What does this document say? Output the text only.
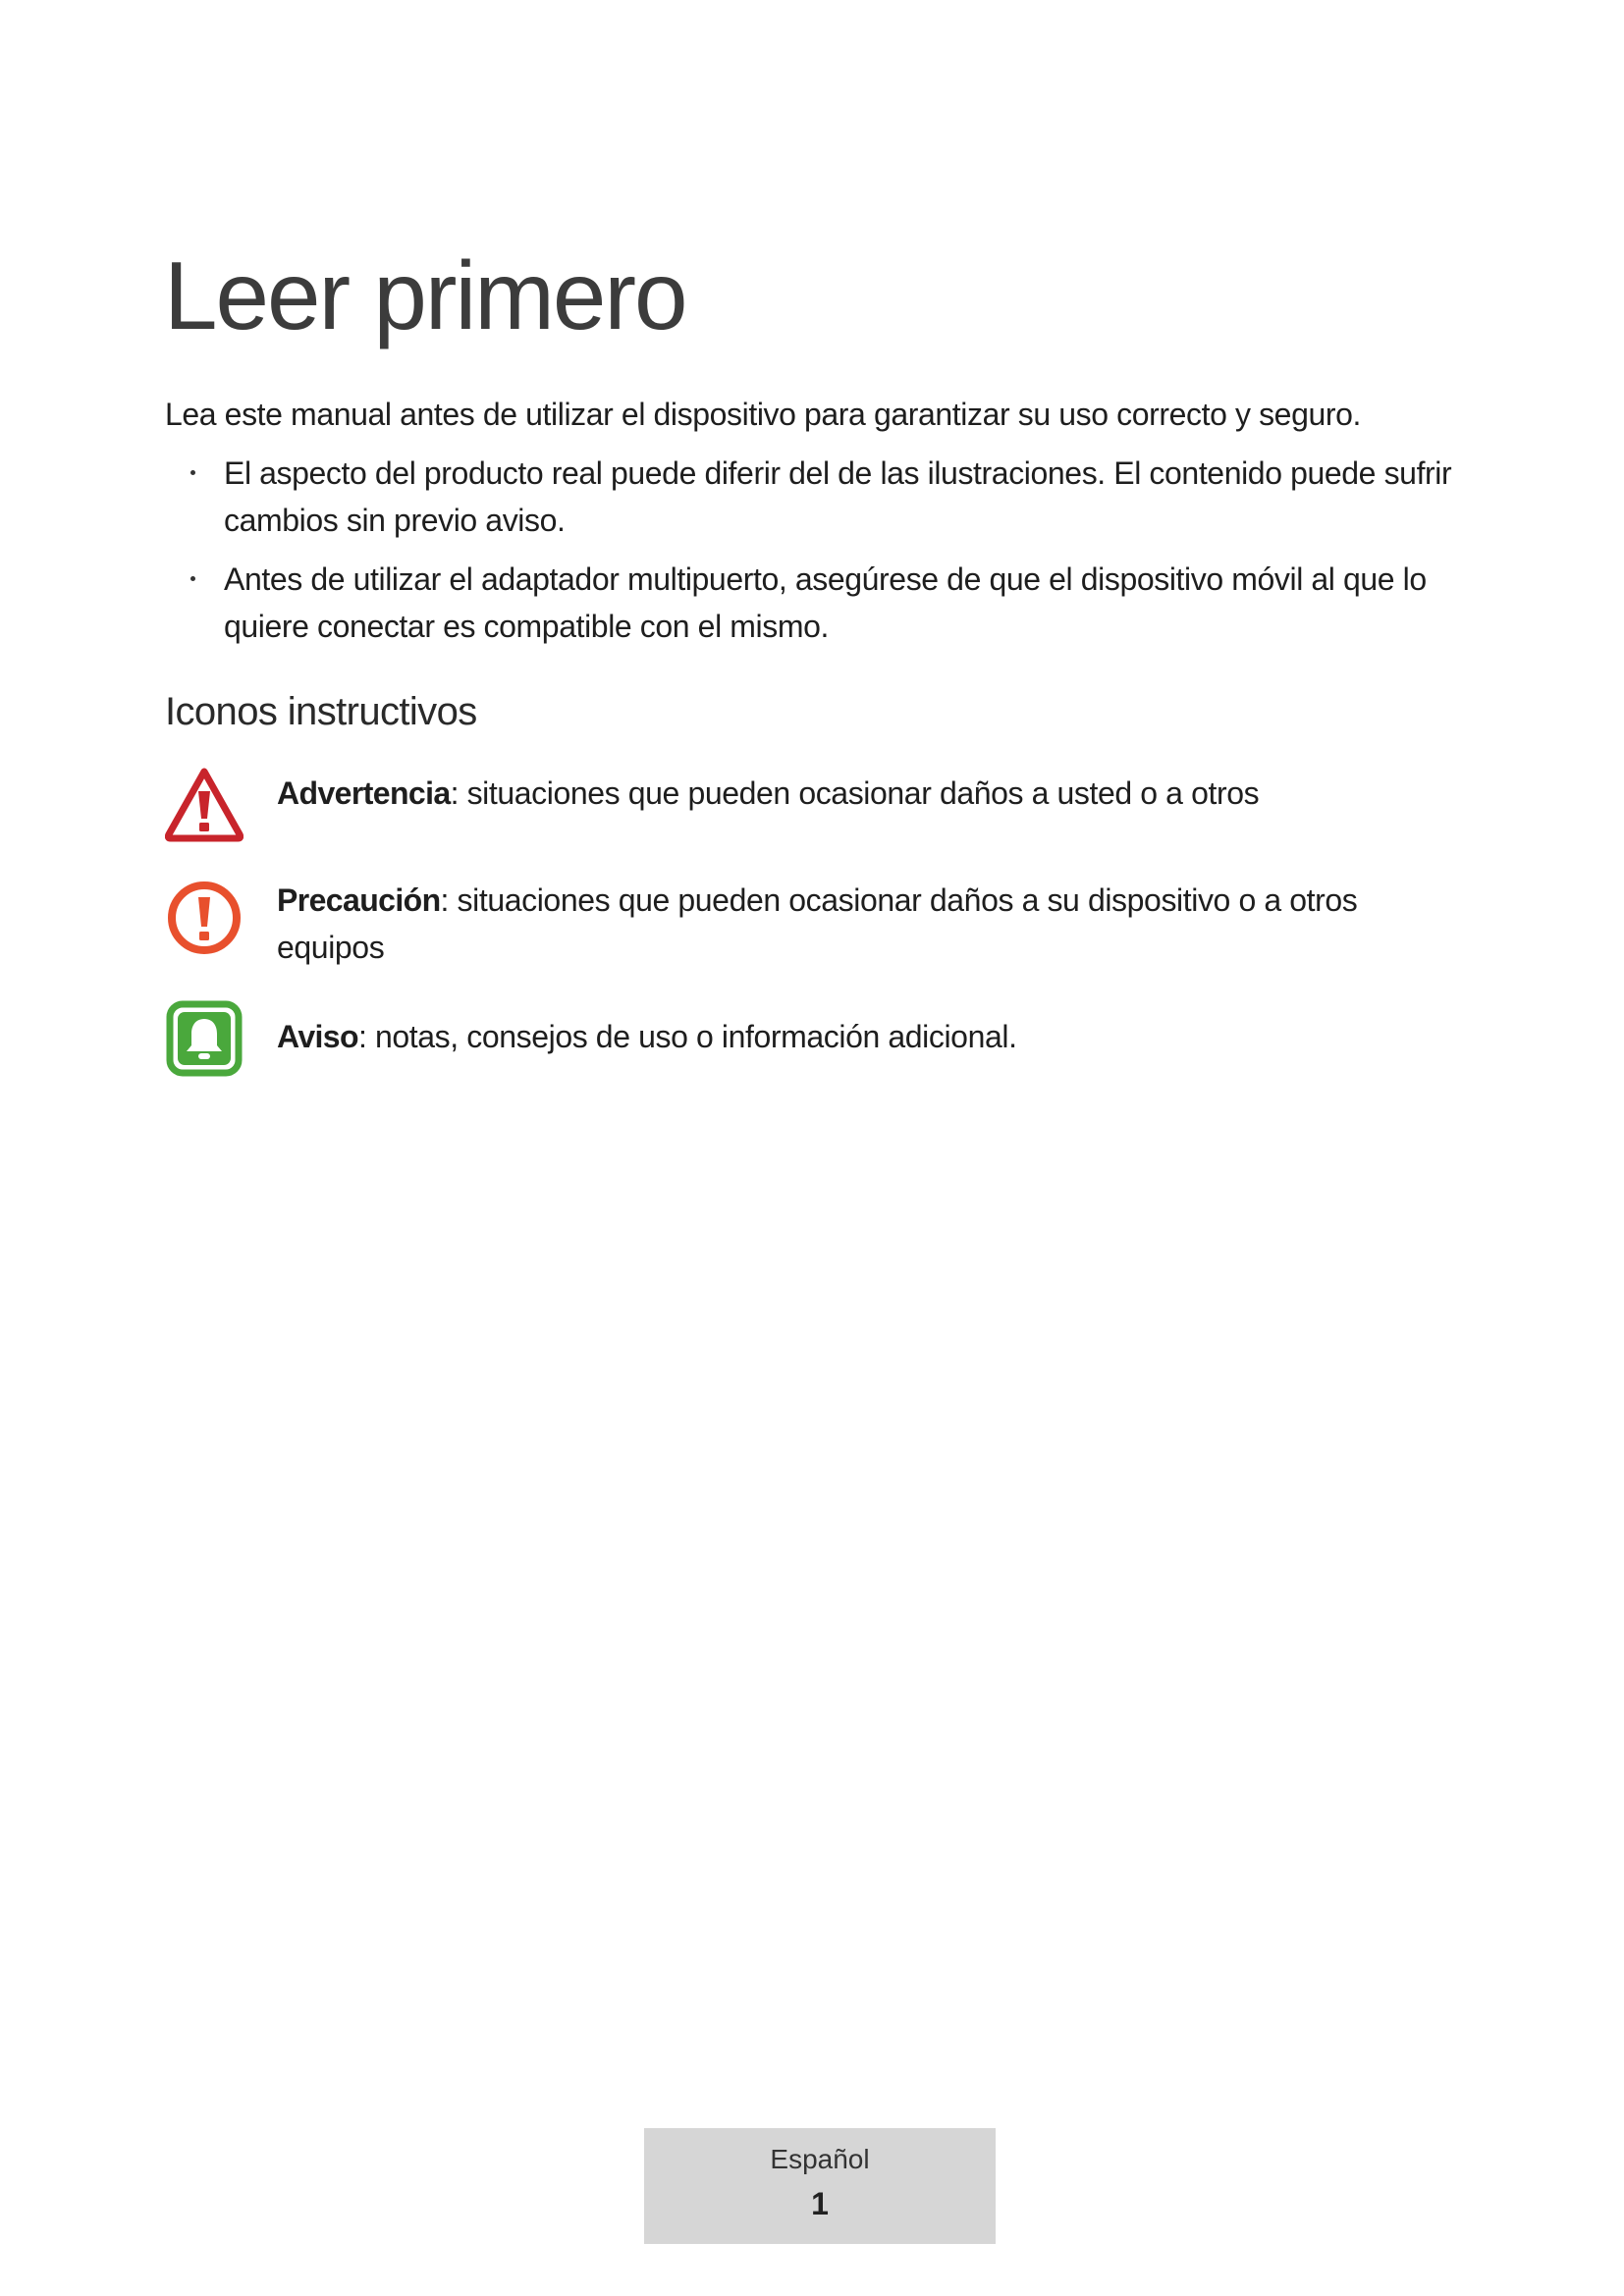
Leer primero

Lea este manual antes de utilizar el dispositivo para garantizar su uso correcto y seguro.

El aspecto del producto real puede diferir del de las ilustraciones. El contenido puede sufrir cambios sin previo aviso.
Antes de utilizar el adaptador multipuerto, asegúrese de que el dispositivo móvil al que lo quiere conectar es compatible con el mismo.
Iconos instructivos
Advertencia: situaciones que pueden ocasionar daños a usted o a otros
Precaución: situaciones que pueden ocasionar daños a su dispositivo o a otros equipos
Aviso: notas, consejos de uso o información adicional.
Español
1
